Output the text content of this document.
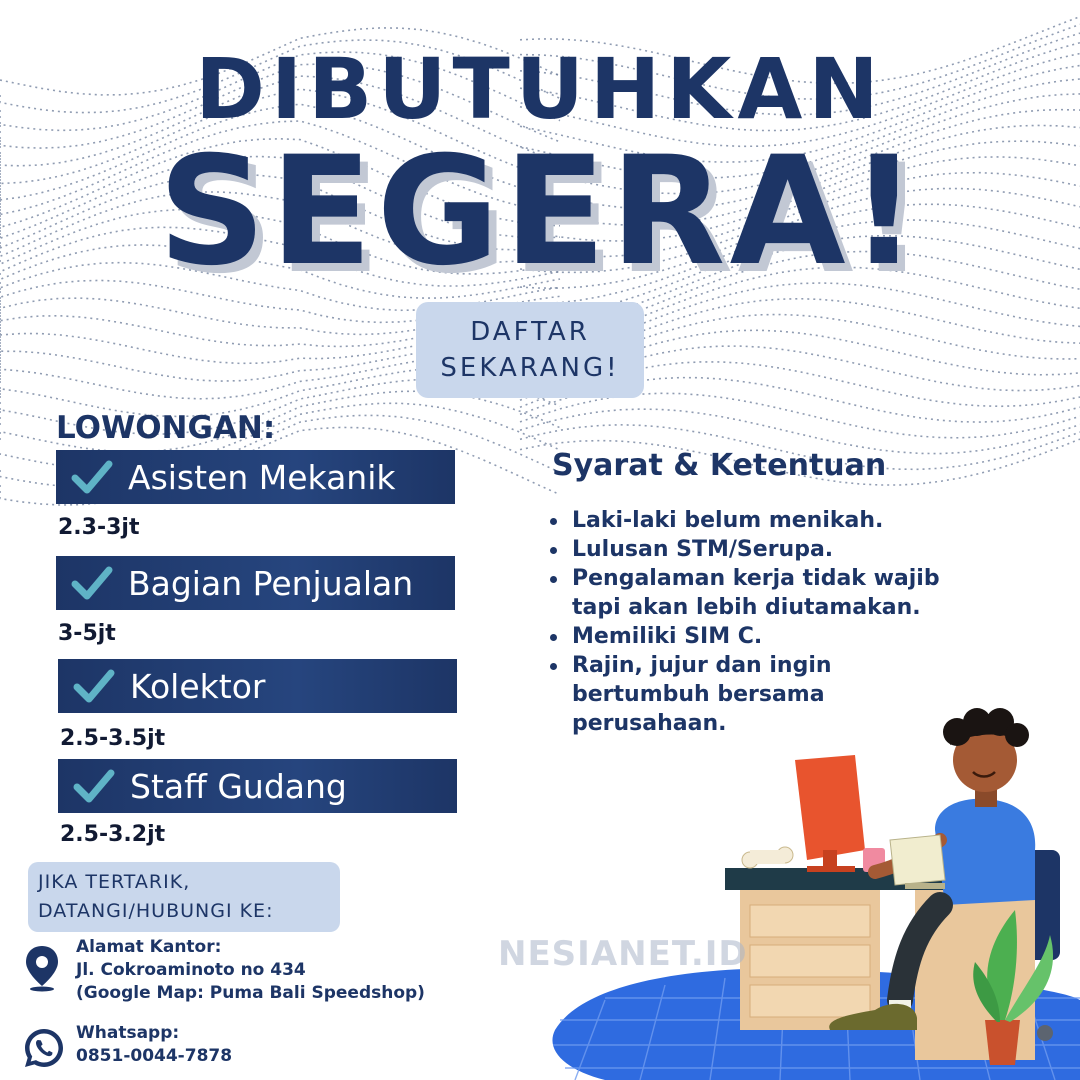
DIBUTUHKAN
SEGERA!
DAFTAR
SEKARANG!
LOWONGAN:
Asisten Mekanik
2.3-3jt
Bagian Penjualan
3-5jt
Kolektor
2.5-3.5jt
Staff Gudang
2.5-3.2jt
Syarat & Ketentuan
Laki-laki belum menikah.
Lulusan STM/Serupa.
Pengalaman kerja tidak wajib tapi akan lebih diutamakan.
Memiliki SIM C.
Rajin, jujur dan ingin bertumbuh bersama perusahaan.
JIKA TERTARIK,
DATANGI/HUBUNGI KE:
Alamat Kantor:
Jl. Cokroaminoto no 434
(Google Map: Puma Bali Speedshop)
Whatsapp:
0851-0044-7878
NESIANET.ID
